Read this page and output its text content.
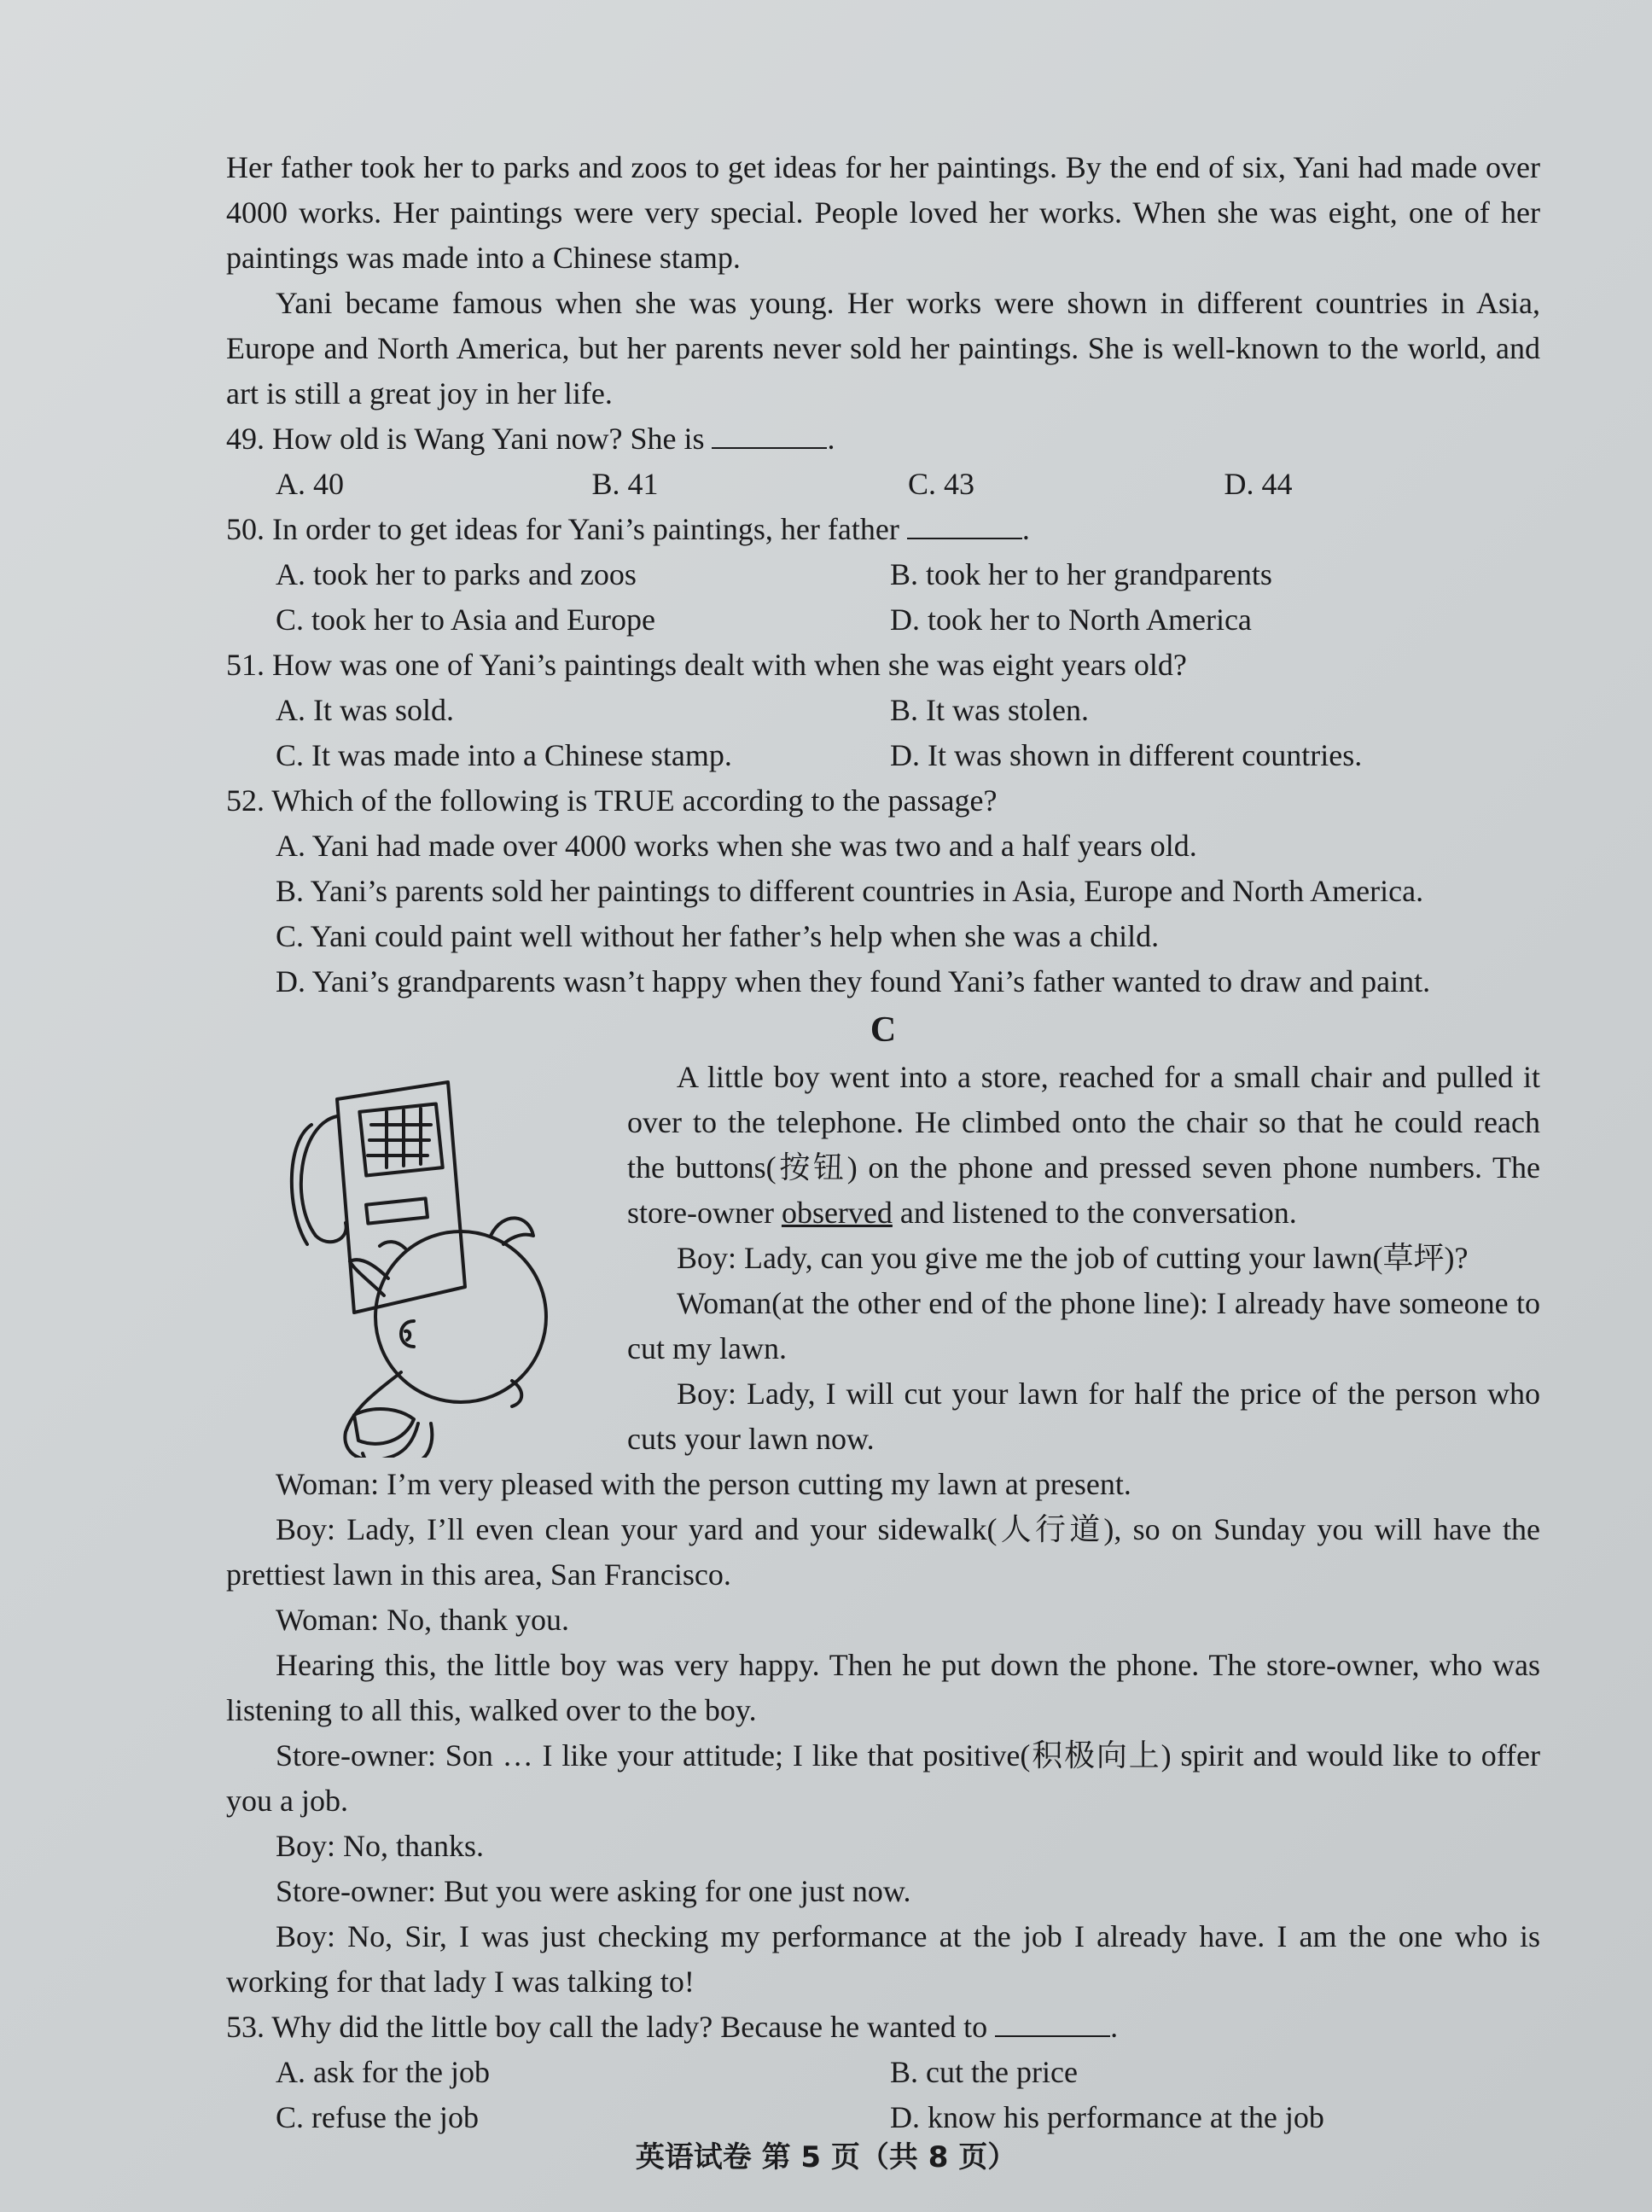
Her father took her to parks and zoos to get ideas for her paintings. By the end of six, Yani had made over 4000 works. Her paintings were very special. People loved her works. When she was eight, one of her paintings was made into a Chinese stamp.

Yani became famous when she was young. Her works were shown in different countries in Asia, Europe and North America, but her parents never sold her paintings. She is well-known to the world, and art is still a great joy in her life.

49. How old is Wang Yani now? She is	.

A. 40	B. 41	C. 43	D. 44

50. In order to get ideas for Yani’s paintings, her father	.

A. took her to parks and zoos	B. took her to her grandparents
C. took her to Asia and Europe	D. took her to North America

51. How was one of Yani’s paintings dealt with when she was eight years old?

A. It was sold.	B. It was stolen.
C. It was made into a Chinese stamp.	D. It was shown in different countries.

52. Which of the following is TRUE according to the passage?

A. Yani had made over 4000 works when she was two and a half years old.

B. Yani’s parents sold her paintings to different countries in Asia, Europe and North America.

C. Yani could paint well without her father’s help when she was a child.

D. Yani’s grandparents wasn’t happy when they found Yani’s father wanted to draw and paint.

C

A little boy went into a store, reached for a small chair and pulled it over to the telephone. He climbed onto the chair so that he could reach the buttons(按钮) on the phone and pressed seven phone numbers. The store-owner observed and listened to the conversation.

Boy: Lady, can you give me the job of cutting your lawn(草坪)?

Woman(at the other end of the phone line): I already have someone to cut my lawn.

Boy: Lady, I will cut your lawn for half the price of the person who cuts your lawn now.

Woman: I’m very pleased with the person cutting my lawn at present.

Boy: Lady, I’ll even clean your yard and your sidewalk(人行道), so on Sunday you will have the prettiest lawn in this area, San Francisco.

Woman: No, thank you.

Hearing this, the little boy was very happy. Then he put down the phone. The store-owner, who was listening to all this, walked over to the boy.

Store-owner: Son … I like your attitude; I like that positive(积极向上) spirit and would like to offer you a job.

Boy: No, thanks.

Store-owner: But you were asking for one just now.

Boy: No, Sir, I was just checking my performance at the job I already have. I am the one who is working for that lady I was talking to!

53. Why did the little boy call the lady? Because he wanted to	.

A. ask for the job	B. cut the price
C. refuse the job	D. know his performance at the job
英语试卷 第 5 页（共 8 页）
